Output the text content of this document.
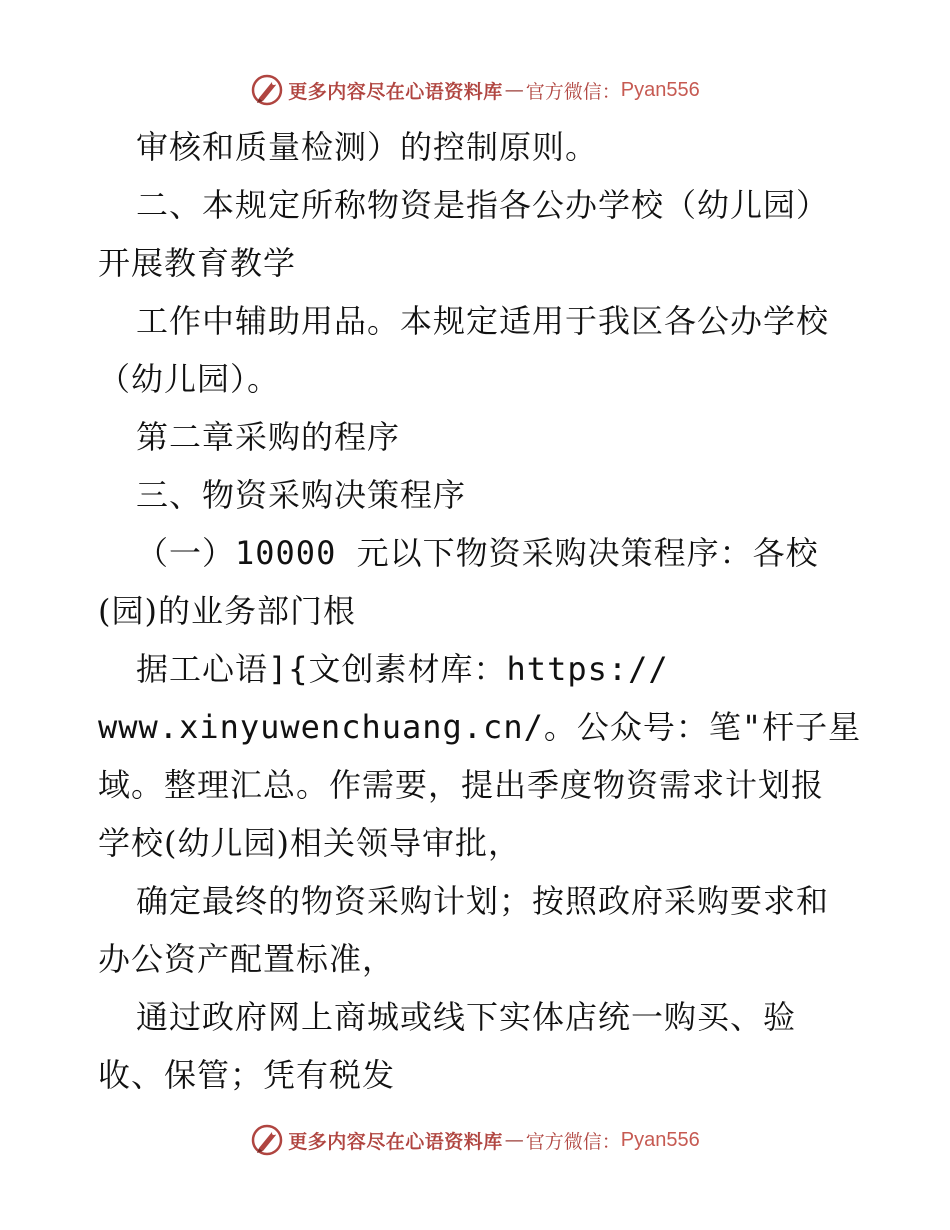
更多内容尽在心语资料库 — 官方微信： Pyan556
审核和质量检测）的控制原则。
二、本规定所称物资是指各公办学校（幼儿园）
开展教育教学
工作中辅助用品。本规定适用于我区各公办学校
（幼儿园）。
第二章采购的程序
三、物资采购决策程序
（一）10000 元以下物资采购决策程序：各校
(园)的业务部门根
据工心语]{文创素材库：https://
www.xinyuwenchuang.cn/。公众号：笔"杆子星
域。整理汇总。作需要，提出季度物资需求计划报
学校(幼儿园)相关领导审批，
确定最终的物资采购计划；按照政府采购要求和
办公资产配置标准，
通过政府网上商城或线下实体店统一购买、验
收、保管；凭有税发
更多内容尽在心语资料库 — 官方微信： Pyan556
